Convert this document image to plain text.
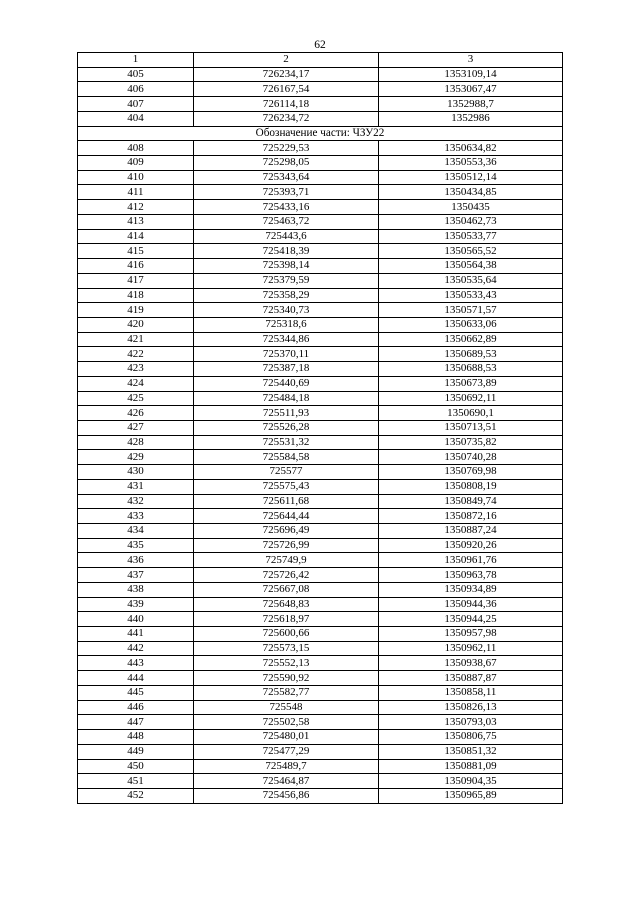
62
1	2	3
405	726234,17	1353109,14
406	726167,54	1353067,47
407	726114,18	1352988,7
404	726234,72	1352986
Обозначение части: ЧЗУ22		
408	725229,53	1350634,82
409	725298,05	1350553,36
410	725343,64	1350512,14
411	725393,71	1350434,85
412	725433,16	1350435
413	725463,72	1350462,73
414	725443,6	1350533,77
415	725418,39	1350565,52
416	725398,14	1350564,38
417	725379,59	1350535,64
418	725358,29	1350533,43
419	725340,73	1350571,57
420	725318,6	1350633,06
421	725344,86	1350662,89
422	725370,11	1350689,53
423	725387,18	1350688,53
424	725440,69	1350673,89
425	725484,18	1350692,11
426	725511,93	1350690,1
427	725526,28	1350713,51
428	725531,32	1350735,82
429	725584,58	1350740,28
430	725577	1350769,98
431	725575,43	1350808,19
432	725611,68	1350849,74
433	725644,44	1350872,16
434	725696,49	1350887,24
435	725726,99	1350920,26
436	725749,9	1350961,76
437	725726,42	1350963,78
438	725667,08	1350934,89
439	725648,83	1350944,36
440	725618,97	1350944,25
441	725600,66	1350957,98
442	725573,15	1350962,11
443	725552,13	1350938,67
444	725590,92	1350887,87
445	725582,77	1350858,11
446	725548	1350826,13
447	725502,58	1350793,03
448	725480,01	1350806,75
449	725477,29	1350851,32
450	725489,7	1350881,09
451	725464,87	1350904,35
452	725456,86	1350965,89
